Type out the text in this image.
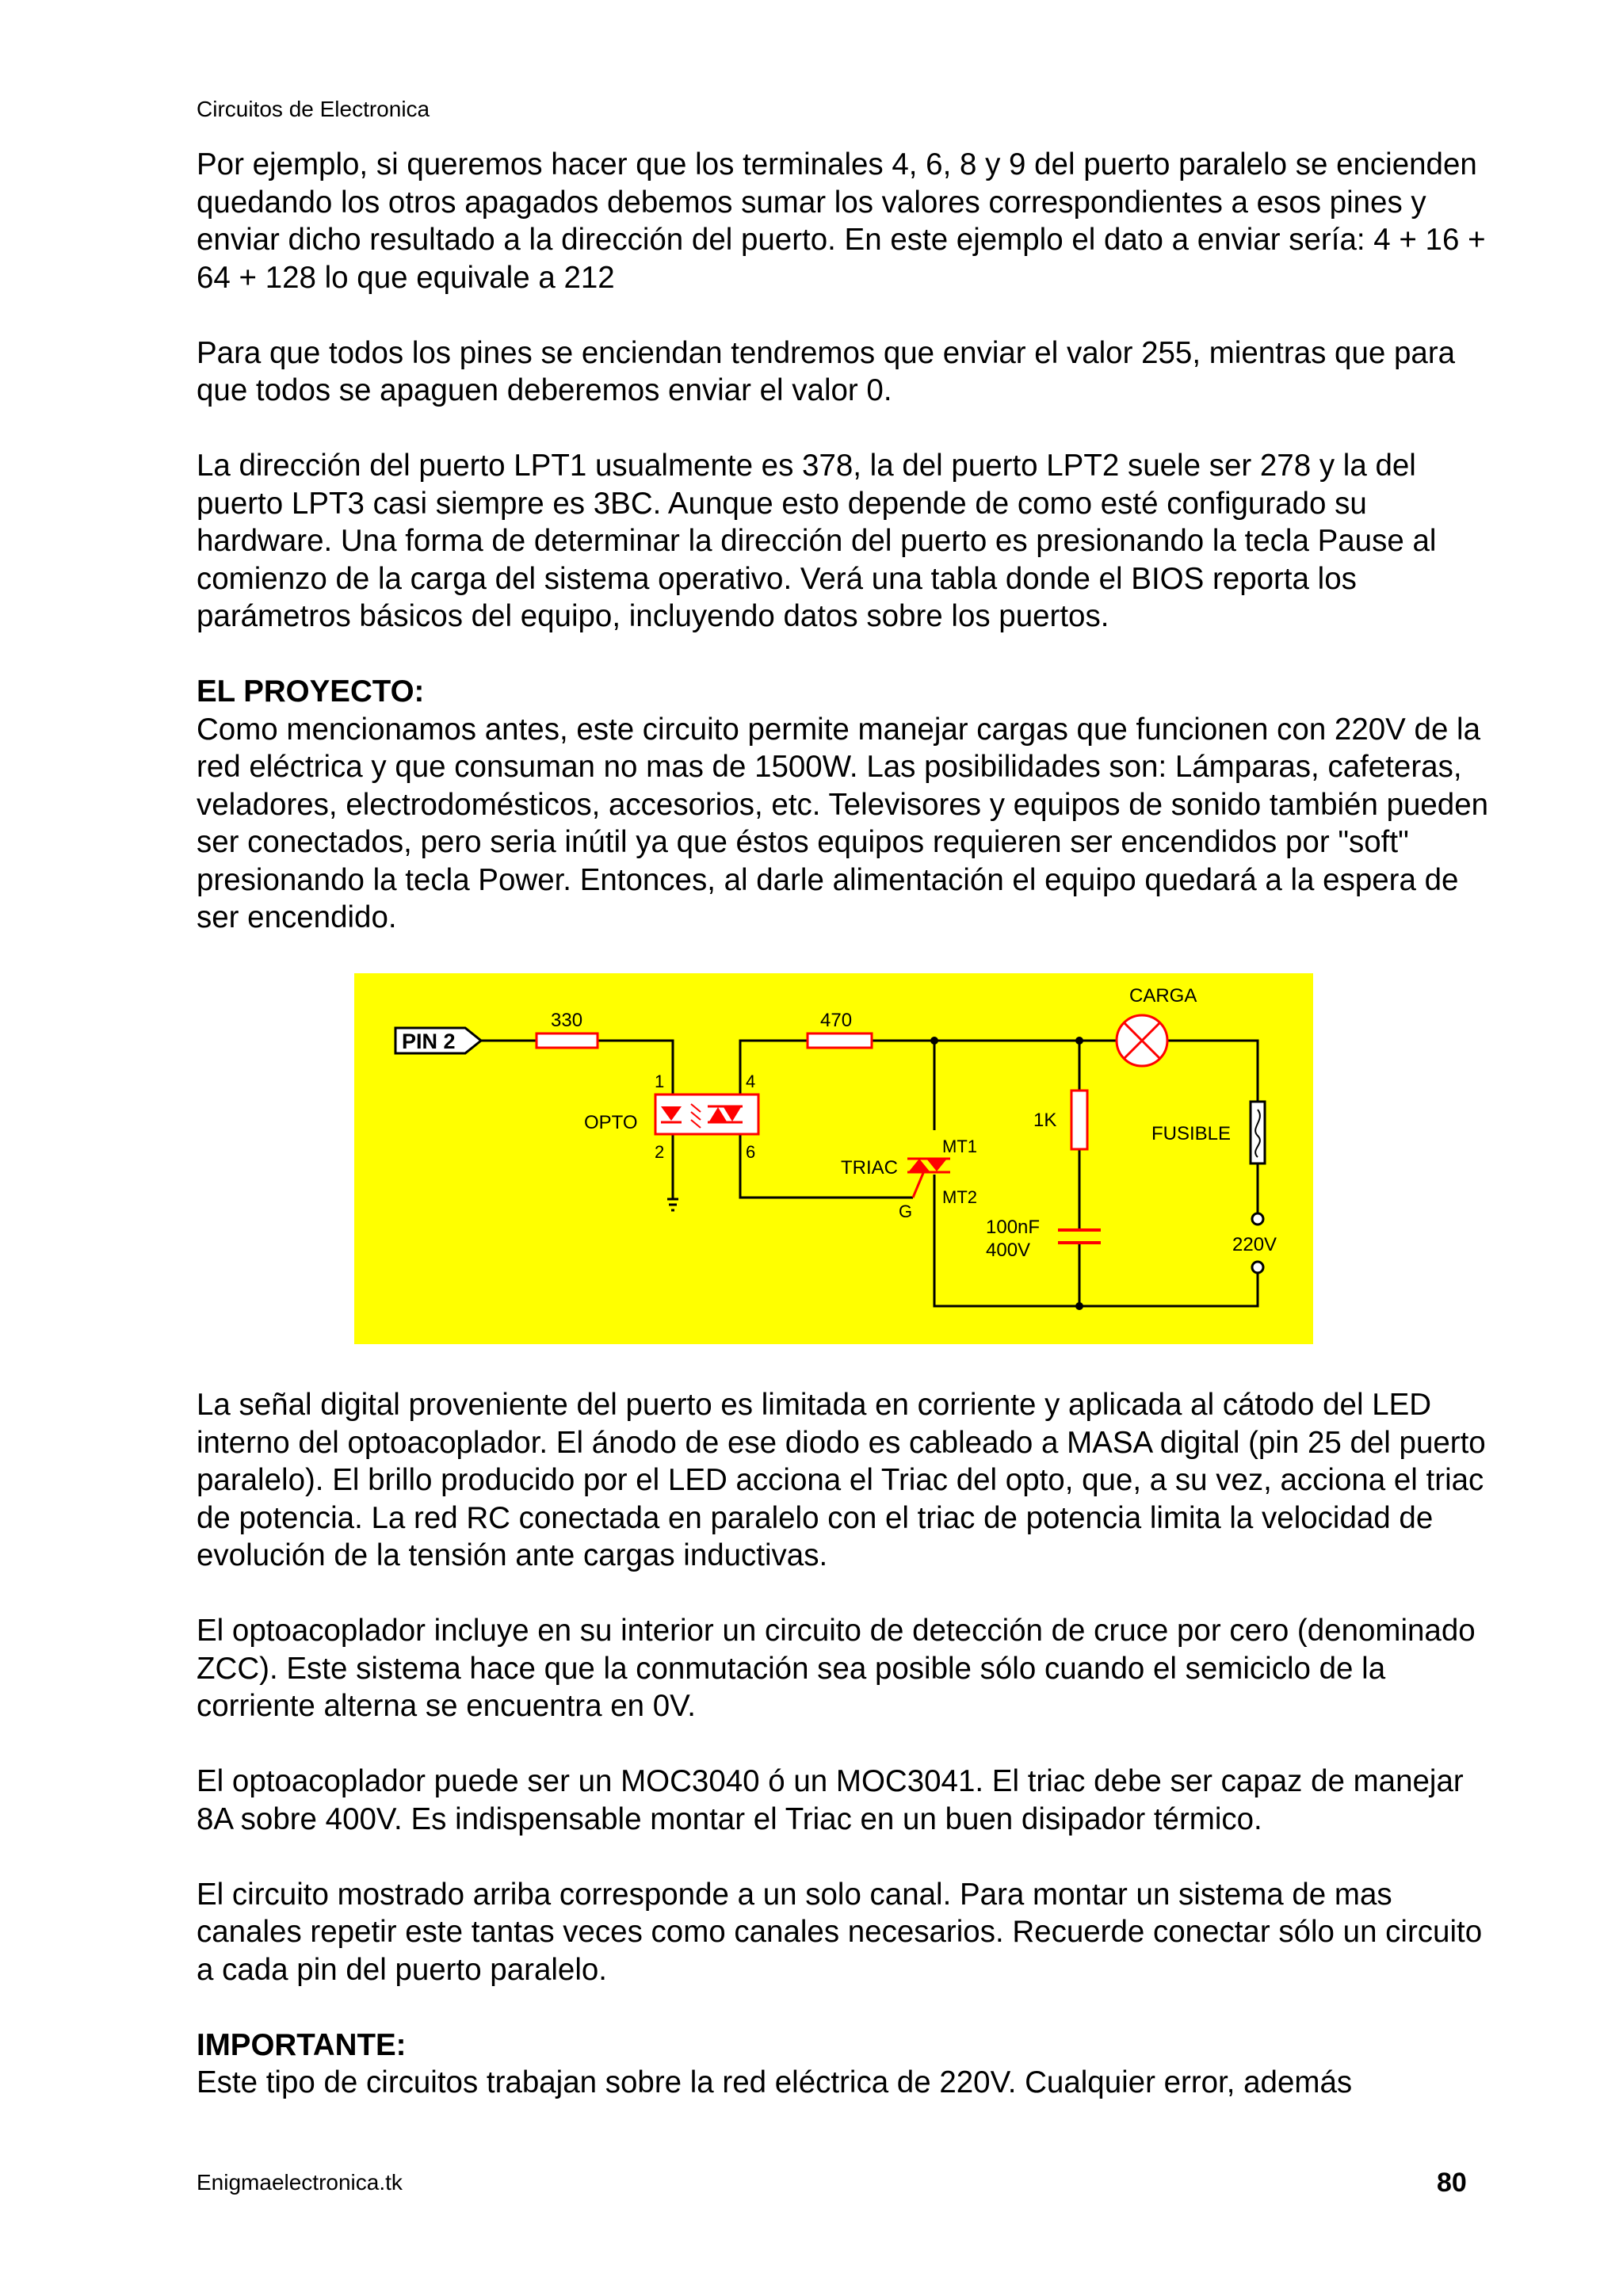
Circuitos de Electronica

Por ejemplo, si queremos hacer que los terminales 4, 6, 8 y 9 del puerto paralelo se encienden quedando los otros apagados debemos sumar los valores correspondientes a esos pines y enviar dicho resultado a la dirección del puerto. En este ejemplo el dato a enviar sería: 4 + 16 + 64 + 128 lo que equivale a 212

Para que todos los pines se enciendan tendremos que enviar el valor 255, mientras que para que todos se apaguen deberemos enviar el valor 0.

La dirección del puerto LPT1 usualmente es 378, la del puerto LPT2 suele ser 278 y la del puerto LPT3 casi siempre es 3BC. Aunque esto depende de como esté configurado su hardware. Una forma de determinar la dirección del puerto es presionando la tecla Pause al comienzo de la carga del sistema operativo. Verá una tabla donde el BIOS reporta los parámetros básicos del equipo, incluyendo datos sobre los puertos.

EL PROYECTO:

Como mencionamos antes, este circuito permite manejar cargas que funcionen con 220V de la red eléctrica y que consuman no mas de 1500W. Las posibilidades son: Lámparas, cafeteras, veladores, electrodomésticos, accesorios, etc. Televisores y equipos de sonido también pueden ser conectados, pero seria inútil ya que éstos equipos requieren ser encendidos por "soft" presionando la tecla Power. Entonces, al darle alimentación el equipo quedará a la espera de ser encendido.

PIN 2
330	470
1K
OPTO
1
2
4
6
TRIAC
MT1
MT2
G
100nF
400V
CARGA
FUSIBLE
220V

La señal digital proveniente del puerto es limitada en corriente y aplicada al cátodo del LED interno del optoacoplador. El ánodo de ese diodo es cableado a MASA digital (pin 25 del puerto paralelo). El brillo producido por el LED acciona el Triac del opto, que, a su vez, acciona el triac de potencia. La red RC conectada en paralelo con el triac de potencia limita la velocidad de evolución de la tensión ante cargas inductivas.

El optoacoplador incluye en su interior un circuito de detección de cruce por cero (denominado ZCC). Este sistema hace que la conmutación sea posible sólo cuando el semiciclo de la corriente alterna se encuentra en 0V.

El optoacoplador puede ser un MOC3040 ó un MOC3041. El triac debe ser capaz de manejar 8A sobre 400V. Es indispensable montar el Triac en un buen disipador térmico.

El circuito mostrado arriba corresponde a un solo canal. Para montar un sistema de mas canales repetir este tantas veces como canales necesarios. Recuerde conectar sólo un circuito a cada pin del puerto paralelo.

IMPORTANTE:

Este tipo de circuitos trabajan sobre la red eléctrica de 220V. Cualquier error, además

Enigmaelectronica.tk	80
